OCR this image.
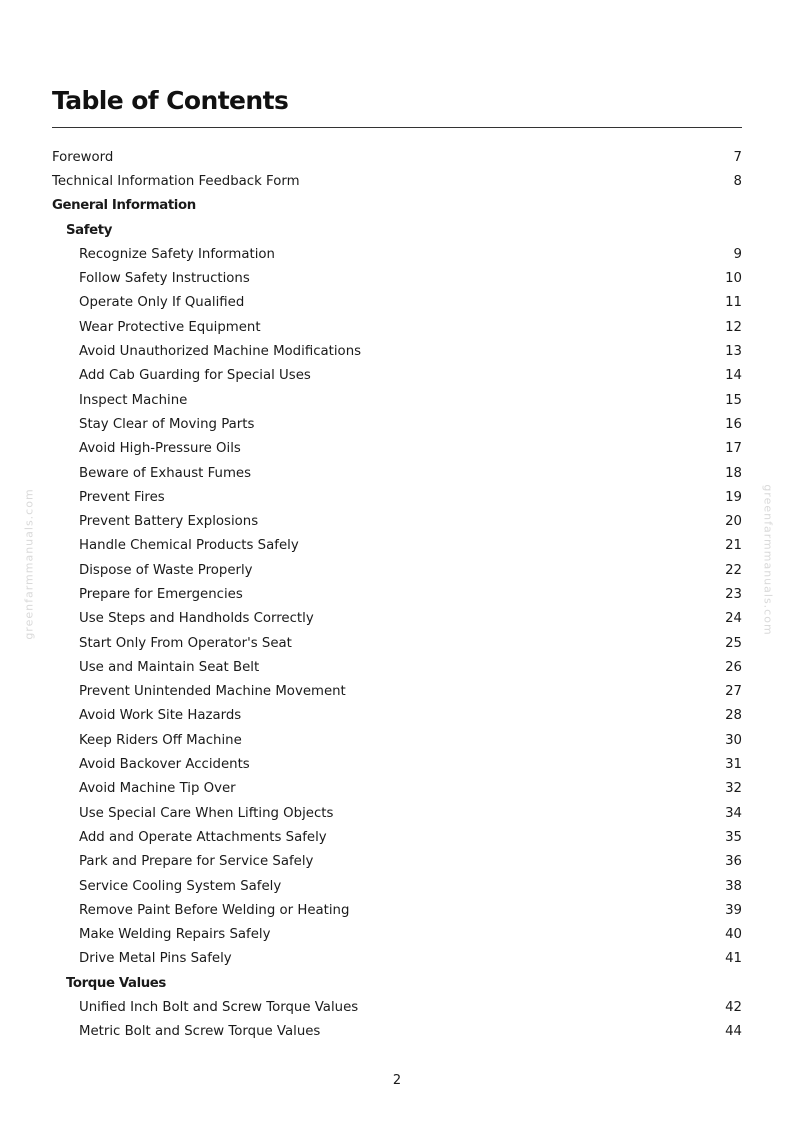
Table of Contents
Foreword	7
Technical Information Feedback Form	8
General Information
Safety
Recognize Safety Information	9
Follow Safety Instructions	10
Operate Only If Qualified	11
Wear Protective Equipment	12
Avoid Unauthorized Machine Modifications	13
Add Cab Guarding for Special Uses	14
Inspect Machine	15
Stay Clear of Moving Parts	16
Avoid High-Pressure Oils	17
Beware of Exhaust Fumes	18
Prevent Fires	19
Prevent Battery Explosions	20
Handle Chemical Products Safely	21
Dispose of Waste Properly	22
Prepare for Emergencies	23
Use Steps and Handholds Correctly	24
Start Only From Operator's Seat	25
Use and Maintain Seat Belt	26
Prevent Unintended Machine Movement	27
Avoid Work Site Hazards	28
Keep Riders Off Machine	30
Avoid Backover Accidents	31
Avoid Machine Tip Over	32
Use Special Care When Lifting Objects	34
Add and Operate Attachments Safely	35
Park and Prepare for Service Safely	36
Service Cooling System Safely	38
Remove Paint Before Welding or Heating	39
Make Welding Repairs Safely	40
Drive Metal Pins Safely	41
Torque Values
Unified Inch Bolt and Screw Torque Values	42
Metric Bolt and Screw Torque Values	44
2
greenfarmmanuals.com	greenfarmmanuals.com
